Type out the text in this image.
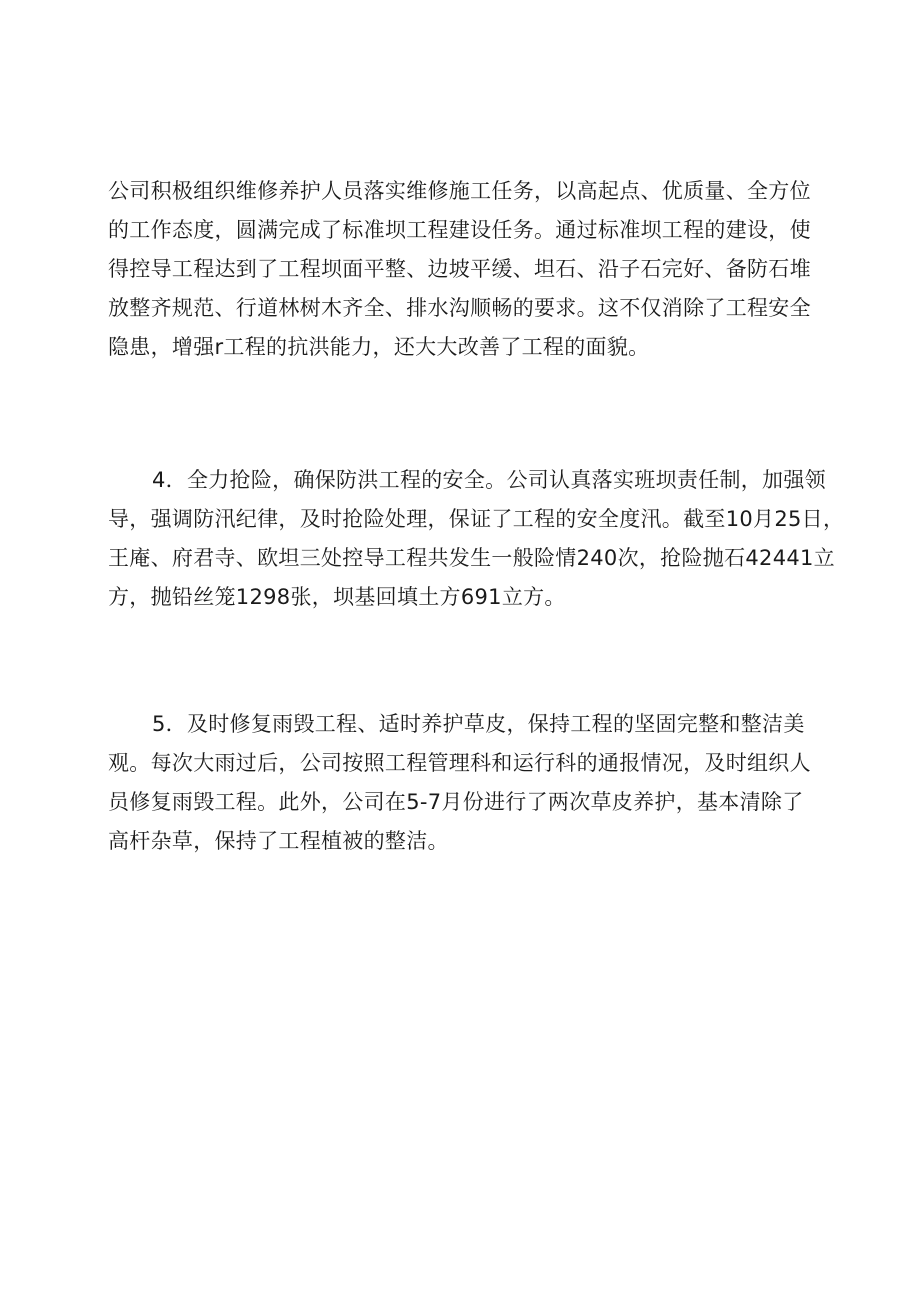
公司积极组织维修养护人员落实维修施工任务，以高起点、优质量、全方位
的工作态度，圆满完成了标准坝工程建设任务。通过标准坝工程的建设，使
得控导工程达到了工程坝面平整、边坡平缓、坦石、沿子石完好、备防石堆
放整齐规范、行道林树木齐全、排水沟顺畅的要求。这不仅消除了工程安全
隐患，增强r工程的抗洪能力，还大大改善了工程的面貌。
4．全力抢险，确保防洪工程的安全。公司认真落实班坝责任制，加强领
导，强调防汛纪律，及时抢险处理，保证了工程的安全度汛。截至10月25日，
王庵、府君寺、欧坦三处控导工程共发生一般险情240次，抢险抛石42441立
方，抛铅丝笼1298张，坝基回填土方691立方。
5．及时修复雨毁工程、适时养护草皮，保持工程的坚固完整和整洁美
观。每次大雨过后，公司按照工程管理科和运行科的通报情况，及时组织人
员修复雨毁工程。此外，公司在5-7月份进行了两次草皮养护，基本清除了
高杆杂草，保持了工程植被的整洁。
